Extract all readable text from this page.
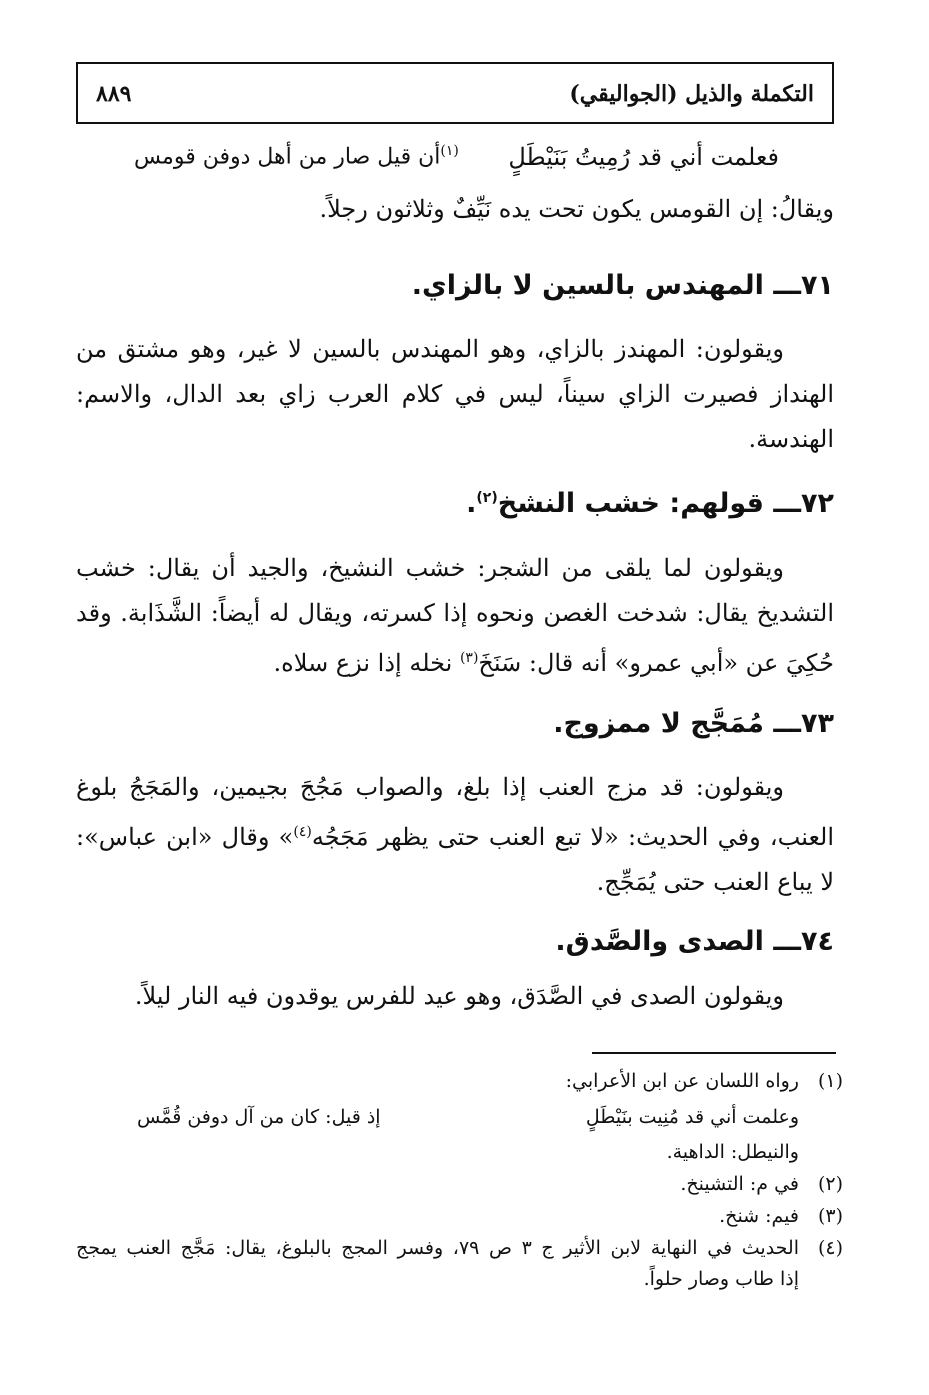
التكملة والذيل (الجواليقي)
٨٨٩
فعلمت أني قد رُمِيتُ بَنَيْطَلٍ
$^{(١)}$أن قيل صار من أهل دوفن قومس
ويقالُ: إن القومس يكون تحت يده نَيِّفٌ وثلاثون رجلاً.
٧١ـــ المهندس بالسين لا بالزاي.
ويقولون: المهندز بالزاي، وهو المهندس بالسين لا غير، وهو مشتق من الهنداز فصيرت الزاي سيناً، ليس في كلام العرب زاي بعد الدال، والاسم: الهندسة.
٧٢ـــ قولهم: خشب النشخ$^{(٢)}$.
ويقولون لما يلقى من الشجر: خشب النشيخ، والجيد أن يقال: خشب التشديخ يقال: شدخت الغصن ونحوه إذا كسرته، ويقال له أيضاً: الشَّذَابة. وقد حُكِيَ عن «أبي عمرو» أنه قال: سَنَخَ$^{(٣)}$ نخله إذا نزع سلاه.
٧٣ـــ مُمَجَّج لا ممزوج.
ويقولون: قد مزج العنب إذا بلغ، والصواب مَجُجَ بجيمين، والمَجَجُ بلوغ العنب، وفي الحديث: «لا تبع العنب حتى يظهر مَجَجُه$^{(٤)}$» وقال «ابن عباس»: لا يباع العنب حتى يُمَجِّج.
٧٤ـــ الصدى والصَّدق.
ويقولون الصدى في الصَّدَق، وهو عيد للفرس يوقدون فيه النار ليلاً.
(١)
رواه اللسان عن ابن الأعرابي:
وعلمت أني قد مُنِيت بنَيْطَلٍ
إذ قيل: كان من آل دوفن قُمَّس
والنيطل: الداهية.
(٢)
في م: التشينخ.
(٣)
فيم: شنخ.
(٤)
الحديث في النهاية لابن الأثير ج ٣ ص ٧٩، وفسر المجج بالبلوغ، يقال: مَجَّج العنب يمجج
إذا طاب وصار حلواً.
